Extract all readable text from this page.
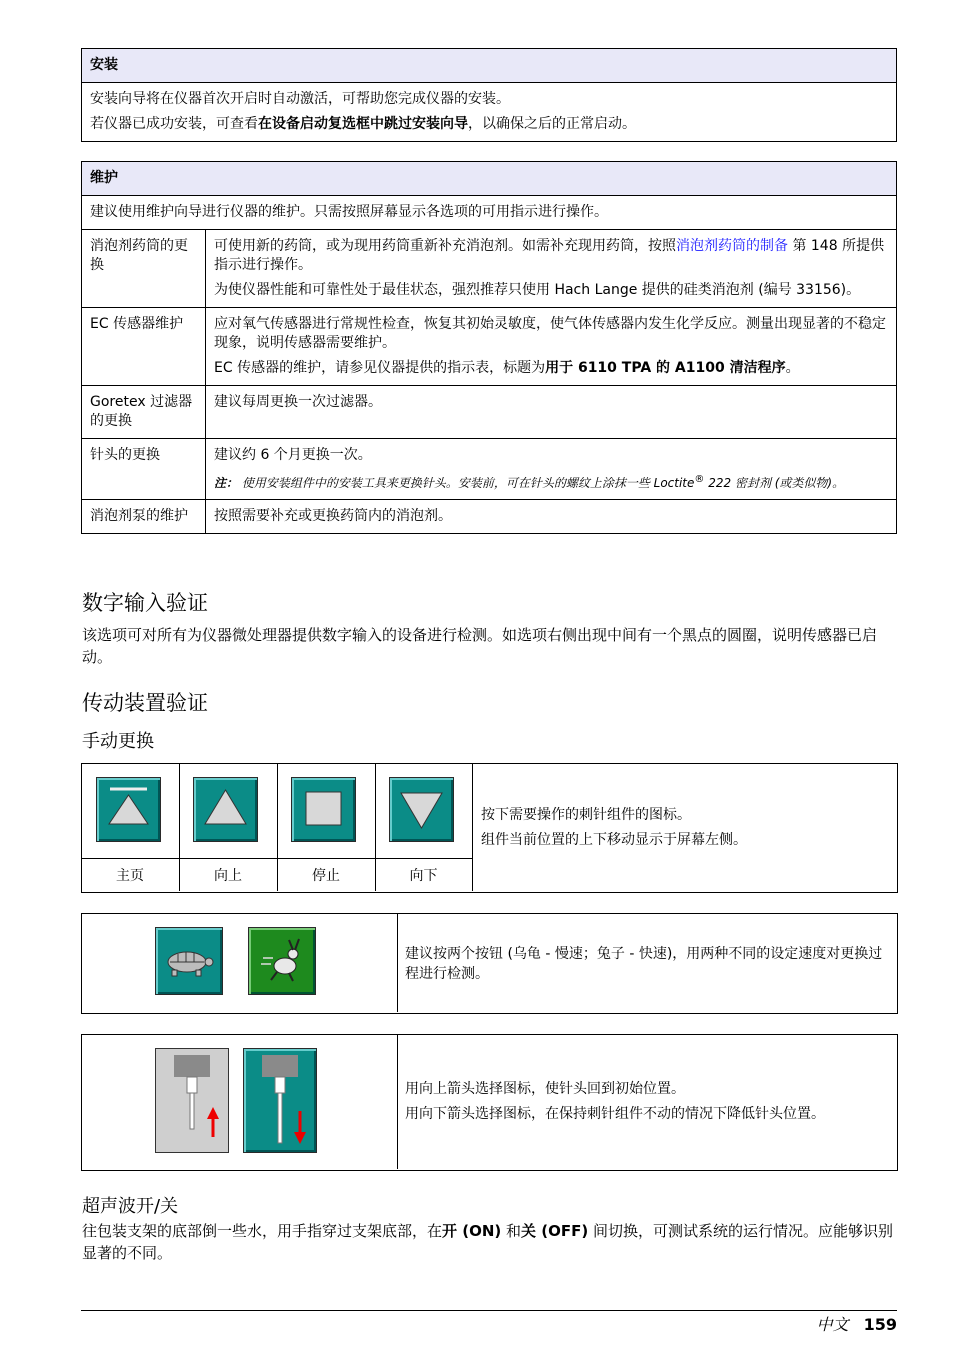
安装

安装向导将在仪器首次开启时自动激活，可帮助您完成仪器的安装。

若仪器已成功安装，可查看在设备启动复选框中跳过安装向导，以确保之后的正常启动。

维护	
建议使用维护向导进行仪器的维护。只需按照屏幕显示各选项的可用指示进行操作。	
消泡剂药筒的更换	可使用新的药筒，或为现用药筒重新补充消泡剂。如需补充现用药筒，按照消泡剂药筒的制备 第 148 所提供指示进行操作。

为使仪器性能和可靠性处于最佳状态，强烈推荐只使用 Hach Lange 提供的硅类消泡剂 (编号 33156)。

EC 传感器维护	应对氧气传感器进行常规性检查，恢复其初始灵敏度，使气体传感器内发生化学反应。测量出现显著的不稳定现象，说明传感器需要维护。

EC 传感器的维护，请参见仪器提供的指示表，标题为用于 6110 TPA 的 A1100 清洁程序。

Goretex 过滤器的更换	建议每周更换一次过滤器。
针头的更换	建议约 6 个月更换一次。

注： 使用安装组件中的安装工具来更换针头。安装前，可在针头的螺纹上涂抹一些 Loctite® 222 密封剂 (或类似物)。

消泡剂泵的维护	按照需要补充或更换药筒内的消泡剂。
数字输入验证

该选项可对所有为仪器微处理器提供数字输入的设备进行检测。如选项右侧出现中间有一个黑点的圆圈，说明传感器已启动。

传动装置验证
手动更换
主页	向上	停止	向下
按下需要操作的刺针组件的图标。
组件当前位置的上下移动显示于屏幕左侧。
建议按两个按钮 (乌龟 - 慢速；兔子 - 快速)，用两种不同的设定速度对更换过程进行检测。
用向上箭头选择图标，使针头回到初始位置。
用向下箭头选择图标，在保持刺针组件不动的情况下降低针头位置。
超声波开/关

往包装支架的底部倒一些水，用手指穿过支架底部，在开 (ON) 和关 (OFF) 间切换，可测试系统的运行情况。应能够识别显著的不同。

中文 159
